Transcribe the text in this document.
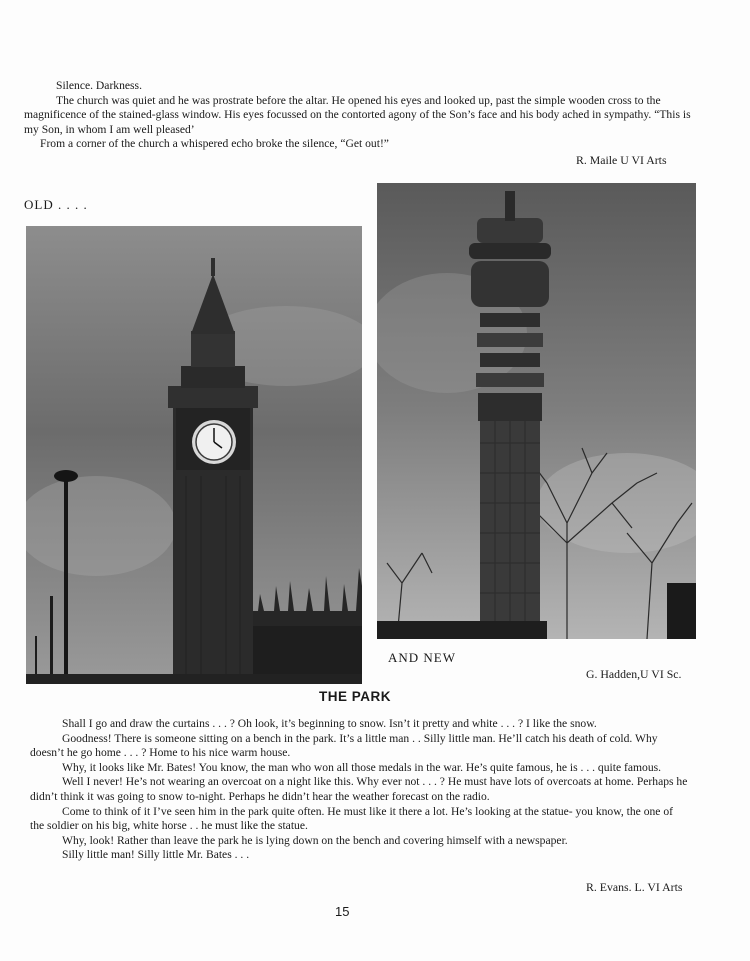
Silence. Darkness.

The church was quiet and he was prostrate before the altar. He opened his eyes and looked up, past the simple wooden cross to the magnificence of the stained-glass window. His eyes focussed on the contorted agony of the Son’s face and his body ached in sympathy. “This is my Son, in whom I am well pleased’

From a corner of the church a whispered echo broke the silence, “Get out!”

R. Maile U VI Arts
OLD . . . .
AND NEW
G. Hadden,U VI Sc.
THE PARK

Shall I go and draw the curtains . . . ? Oh look, it’s beginning to snow. Isn’t it pretty and white . . . ? I like the snow.

Goodness! There is someone sitting on a bench in the park. It’s a little man . . Silly little man. He’ll catch his death of cold. Why doesn’t he go home . . . ? Home to his nice warm house.

Why, it looks like Mr. Bates! You know, the man who won all those medals in the war. He’s quite famous, he is . . . quite famous.

Well I never! He’s not wearing an overcoat on a night like this. Why ever not . . . ? He must have lots of overcoats at home. Perhaps he didn’t think it was going to snow to-night. Perhaps he didn’t hear the weather forecast on the radio.

Come to think of it I’ve seen him in the park quite often. He must like it there a lot. He’s looking at the statue- you know, the one of the soldier on his big, white horse . . he must like the statue.

Why, look! Rather than leave the park he is lying down on the bench and covering himself with a newspaper.

Silly little man! Silly little Mr. Bates . . .

R. Evans. L. VI Arts
15
